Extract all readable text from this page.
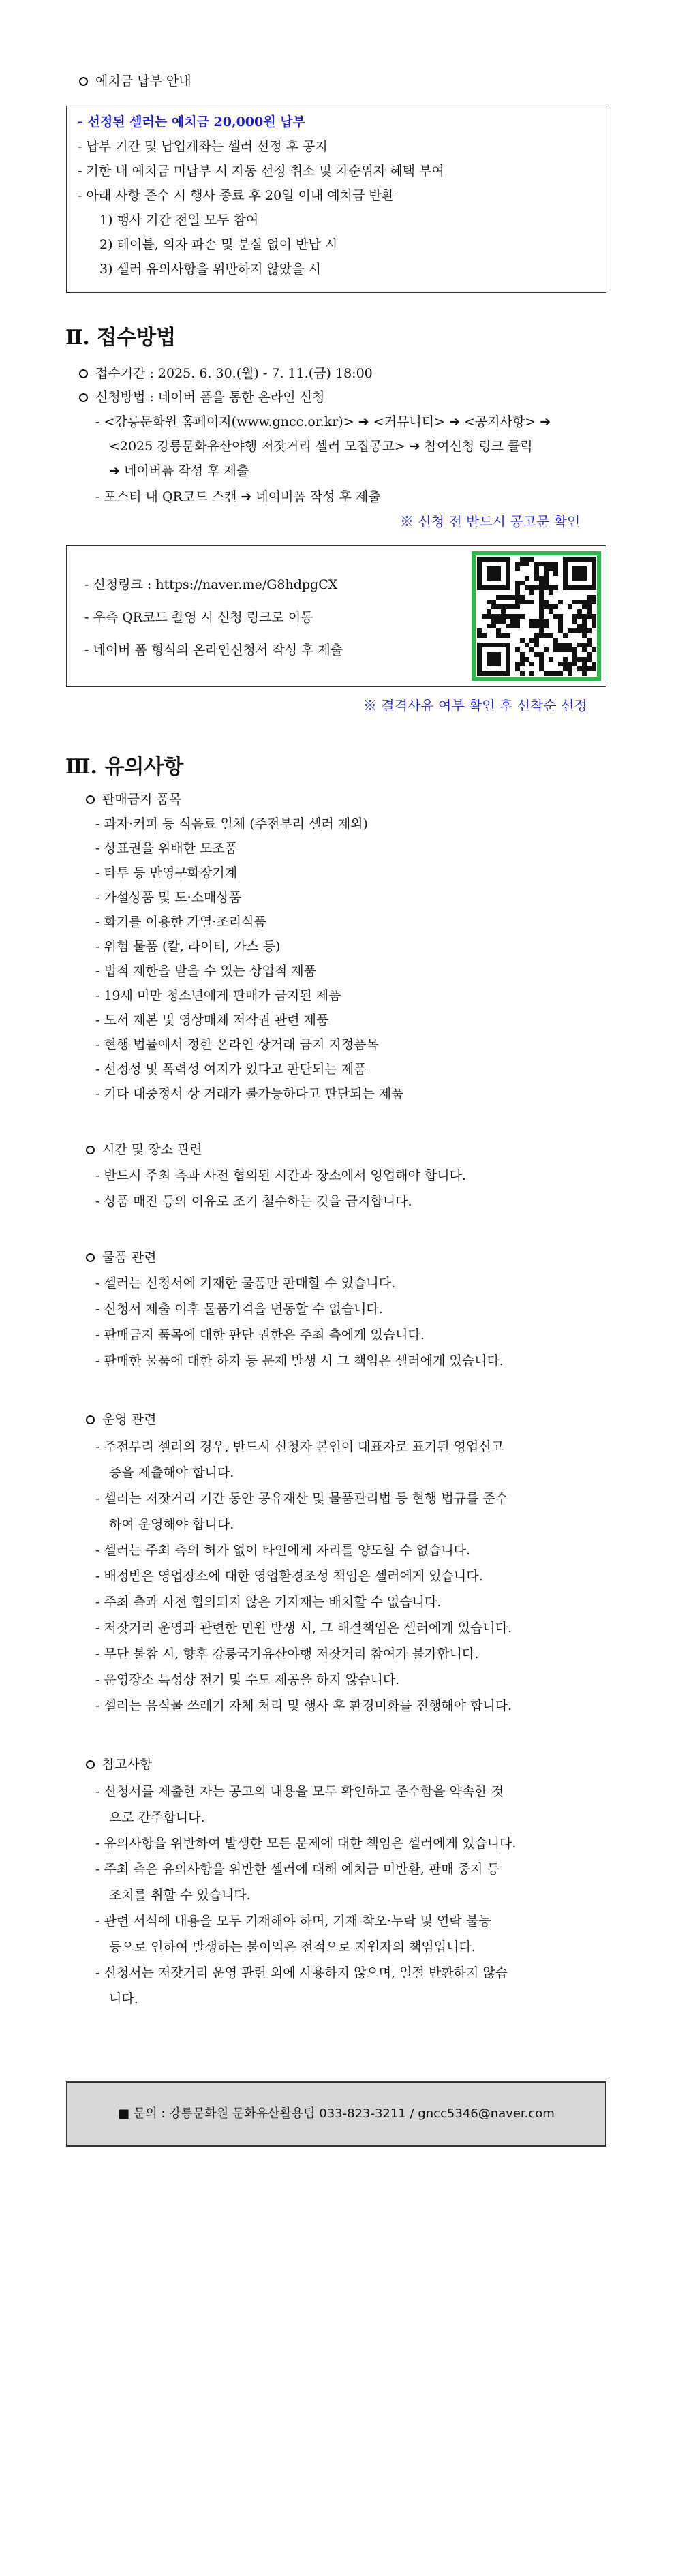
예치금 납부 안내
- 선정된 셀러는 예치금 20,000원 납부
- 납부 기간 및 납입계좌는 셀러 선정 후 공지
- 기한 내 예치금 미납부 시 자동 선정 취소 및 차순위자 혜택 부여
- 아래 사항 준수 시 행사 종료 후 20일 이내 예치금 반환
1) 행사 기간 전일 모두 참여
2) 테이블, 의자 파손 및 분실 없이 반납 시
3) 셀러 유의사항을 위반하지 않았을 시
Ⅱ. 접수방법
접수기간 : 2025. 6. 30.(월) - 7. 11.(금) 18:00
신청방법 : 네이버 폼을 통한 온라인 신청
- <강릉문화원 홈페이지(www.gncc.or.kr)> ➔ <커뮤니티> ➔ <공지사항> ➔
<2025 강릉문화유산야행 저잣거리 셀러 모집공고> ➔ 참여신청 링크 클릭
➔ 네이버폼 작성 후 제출
- 포스터 내 QR코드 스캔 ➔ 네이버폼 작성 후 제출
※ 신청 전 반드시 공고문 확인
- 신청링크 : https://naver.me/G8hdpgCX
- 우측 QR코드 촬영 시 신청 링크로 이동
- 네이버 폼 형식의 온라인신청서 작성 후 제출
※ 결격사유 여부 확인 후 선착순 선정
Ⅲ. 유의사항
판매금지 품목
- 과자·커피 등 식음료 일체 (주전부리 셀러 제외)
- 상표권을 위배한 모조품
- 타투 등 반영구화장기계
- 가설상품 및 도·소매상품
- 화기를 이용한 가열·조리식품
- 위험 물품 (칼, 라이터, 가스 등)
- 법적 제한을 받을 수 있는 상업적 제품
- 19세 미만 청소년에게 판매가 금지된 제품
- 도서 제본 및 영상매체 저작권 관련 제품
- 현행 법률에서 정한 온라인 상거래 금지 지정품목
- 선정성 및 폭력성 여지가 있다고 판단되는 제품
- 기타 대중정서 상 거래가 불가능하다고 판단되는 제품
시간 및 장소 관련
- 반드시 주최 측과 사전 협의된 시간과 장소에서 영업해야 합니다.
- 상품 매진 등의 이유로 조기 철수하는 것을 금지합니다.
물품 관련
- 셀러는 신청서에 기재한 물품만 판매할 수 있습니다.
- 신청서 제출 이후 물품가격을 변동할 수 없습니다.
- 판매금지 품목에 대한 판단 권한은 주최 측에게 있습니다.
- 판매한 물품에 대한 하자 등 문제 발생 시 그 책임은 셀러에게 있습니다.
운영 관련
- 주전부리 셀러의 경우, 반드시 신청자 본인이 대표자로 표기된 영업신고
증을 제출해야 합니다.
- 셀러는 저잣거리 기간 동안 공유재산 및 물품관리법 등 현행 법규를 준수
하여 운영해야 합니다.
- 셀러는 주최 측의 허가 없이 타인에게 자리를 양도할 수 없습니다.
- 배정받은 영업장소에 대한 영업환경조성 책임은 셀러에게 있습니다.
- 주최 측과 사전 협의되지 않은 기자재는 배치할 수 없습니다.
- 저잣거리 운영과 관련한 민원 발생 시, 그 해결책임은 셀러에게 있습니다.
- 무단 불참 시, 향후 강릉국가유산야행 저잣거리 참여가 불가합니다.
- 운영장소 특성상 전기 및 수도 제공을 하지 않습니다.
- 셀러는 음식물 쓰레기 자체 처리 및 행사 후 환경미화를 진행해야 합니다.
참고사항
- 신청서를 제출한 자는 공고의 내용을 모두 확인하고 준수함을 약속한 것
으로 간주합니다.
- 유의사항을 위반하여 발생한 모든 문제에 대한 책임은 셀러에게 있습니다.
- 주최 측은 유의사항을 위반한 셀러에 대해 예치금 미반환, 판매 중지 등
조치를 취할 수 있습니다.
- 관련 서식에 내용을 모두 기재해야 하며, 기재 착오·누락 및 연락 불능
등으로 인하여 발생하는 불이익은 전적으로 지원자의 책임입니다.
- 신청서는 저잣거리 운영 관련 외에 사용하지 않으며, 일절 반환하지 않습
니다.
■ 문의 : 강릉문화원 문화유산활용팀 033-823-3211 / gncc5346@naver.com
